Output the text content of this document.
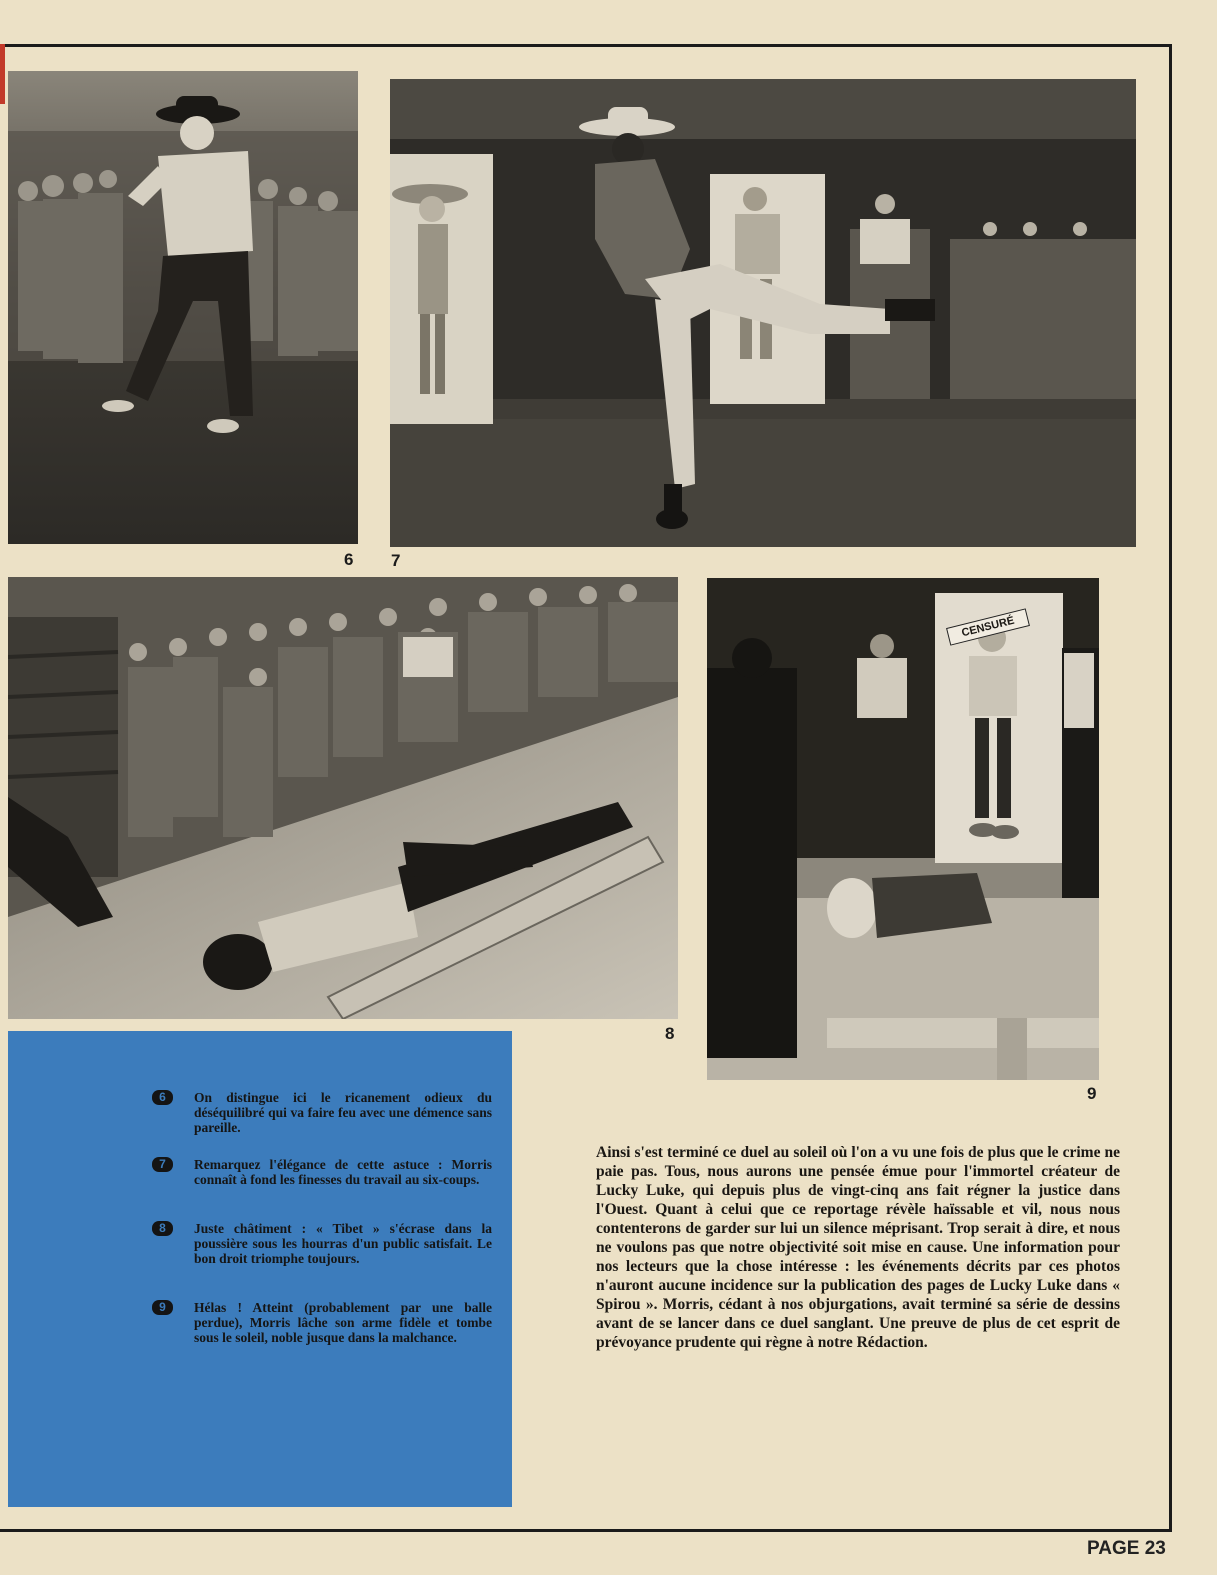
6 7
8
CENSURÉ
9
6	On distingue ici le ricanement odieux du déséquilibré qui va faire feu avec une démence sans pareille.
7	Remarquez l'élégance de cette astuce : Morris connaît à fond les finesses du travail au six-coups.
8	Juste châtiment : « Tibet » s'écrase dans la poussière sous les hourras d'un public satisfait. Le bon droit triomphe toujours.
9	Hélas ! Atteint (probablement par une balle perdue), Morris lâche son arme fidèle et tombe sous le soleil, noble jusque dans la malchance.
Ainsi s'est terminé ce duel au soleil où l'on a vu une fois de plus que le crime ne paie pas. Tous, nous aurons une pensée émue pour l'immortel créateur de Lucky Luke, qui depuis plus de vingt-cinq ans fait régner la justice dans l'Ouest. Quant à celui que ce reportage révèle haïssable et vil, nous nous contenterons de garder sur lui un silence méprisant. Trop serait à dire, et nous ne voulons pas que notre objectivité soit mise en cause. Une information pour nos lecteurs que la chose intéresse : les événements décrits par ces photos n'auront aucune incidence sur la publication des pages de Lucky Luke dans « Spirou ». Morris, cédant à nos objurgations, avait terminé sa série de dessins avant de se lancer dans ce duel sanglant. Une preuve de plus de cet esprit de prévoyance prudente qui règne à notre Rédaction.
PAGE 23
